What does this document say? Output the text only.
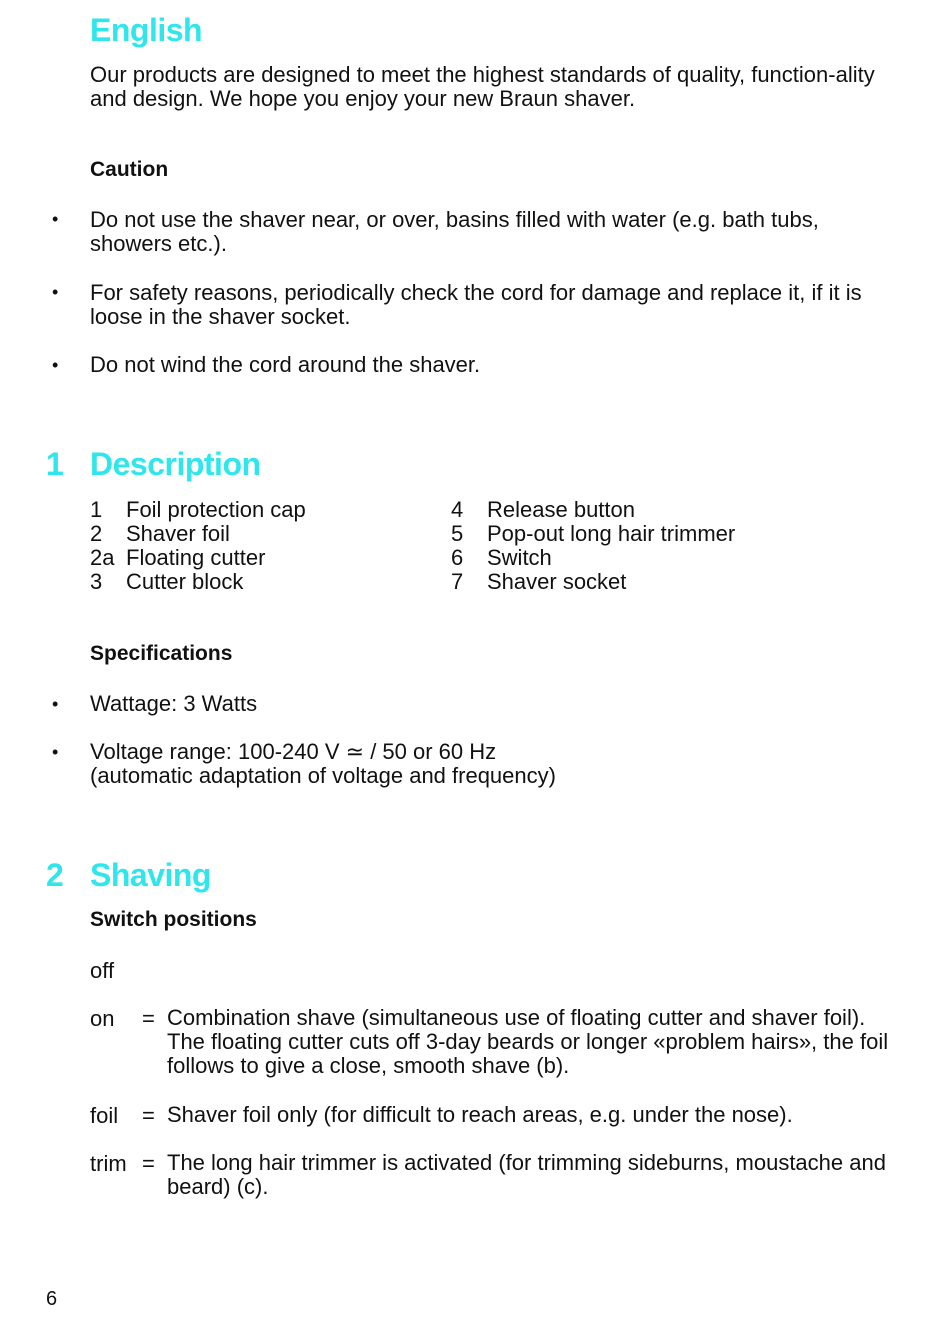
English
Our products are designed to meet the highest standards of quality, function-ality and design. We hope you enjoy your new Braun shaver.
Caution
• Do not use the shaver near, or over, basins filled with water (e.g. bath tubs, showers etc.).
• For safety reasons, periodically check the cord for damage and replace it, if it is loose in the shaver socket.
• Do not wind the cord around the shaver.
1 Description
1 Foil protection cap
2 Shaver foil
2a Floating cutter
3 Cutter block
4 Release button
5 Pop-out long hair trimmer
6 Switch
7 Shaver socket
Specifications
• Wattage: 3 Watts
• Voltage range: 100-240 V ≃ / 50 or 60 Hz
(automatic adaptation of voltage and frequency)
2 Shaving
Switch positions
off
on = Combination shave (simultaneous use of floating cutter and shaver foil). The floating cutter cuts off 3-day beards or longer «problem hairs», the foil follows to give a close, smooth shave (b).
foil = Shaver foil only (for difficult to reach areas, e.g. under the nose).
trim = The long hair trimmer is activated (for trimming sideburns, moustache and beard) (c).
6
